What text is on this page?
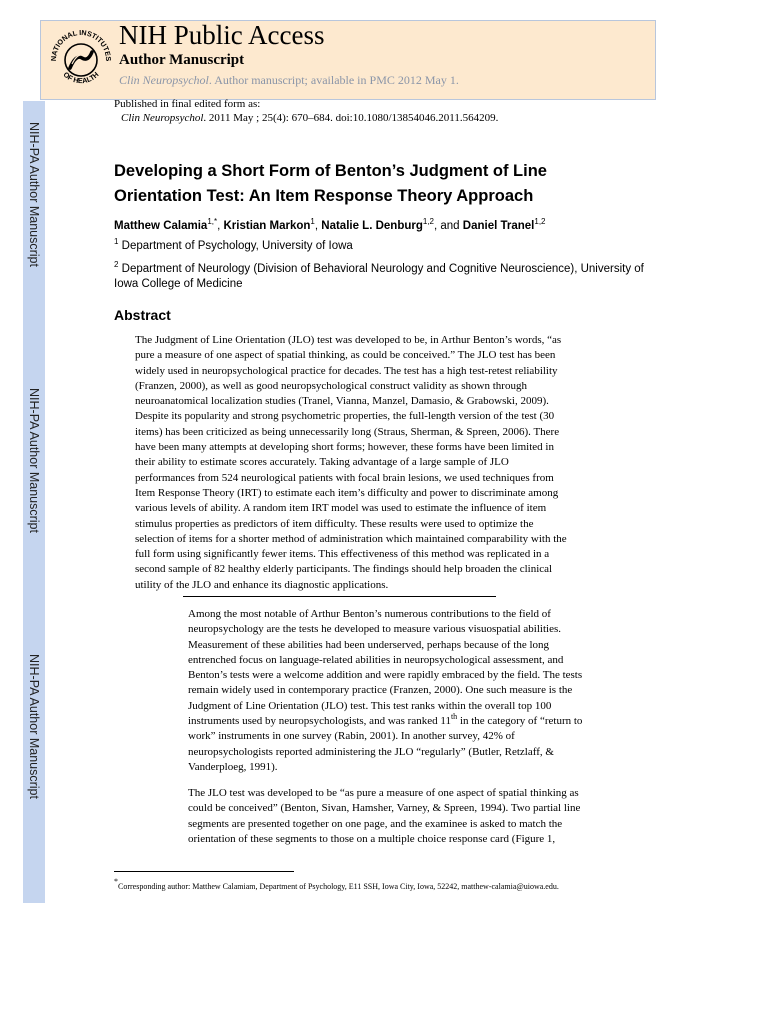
NATIONAL INSTITUTES
OF HEALTH
NIH Public Access
Author Manuscript
Clin Neuropsychol. Author manuscript; available in PMC 2012 May 1.
NIH-PA Author Manuscript
NIH-PA Author Manuscript
NIH-PA Author Manuscript
Published in final edited form as:
Clin Neuropsychol. 2011 May ; 25(4): 670–684. doi:10.1080/13854046.2011.564209.
Developing a Short Form of Benton’s Judgment of Line Orientation Test: An Item Response Theory Approach
Matthew Calamia$^{1,*}$, Kristian Markon$^1$, Natalie L. Denburg$^{1,2}$, and Daniel Tranel$^{1,2}$
$^1$ Department of Psychology, University of Iowa
$^2$ Department of Neurology (Division of Behavioral Neurology and Cognitive Neuroscience), University of Iowa College of Medicine
Abstract
The Judgment of Line Orientation (JLO) test was developed to be, in Arthur Benton’s words, “as
pure a measure of one aspect of spatial thinking, as could be conceived.” The JLO test has been
widely used in neuropsychological practice for decades. The test has a high test-retest reliability
(Franzen, 2000), as well as good neuropsychological construct validity as shown through
neuroanatomical localization studies (Tranel, Vianna, Manzel, Damasio, & Grabowski, 2009).
Despite its popularity and strong psychometric properties, the full-length version of the test (30
items) has been criticized as being unnecessarily long (Straus, Sherman, & Spreen, 2006). There
have been many attempts at developing short forms; however, these forms have been limited in
their ability to estimate scores accurately. Taking advantage of a large sample of JLO
performances from 524 neurological patients with focal brain lesions, we used techniques from
Item Response Theory (IRT) to estimate each item’s difficulty and power to discriminate among
various levels of ability. A random item IRT model was used to estimate the influence of item
stimulus properties as predictors of item difficulty. These results were used to optimize the
selection of items for a shorter method of administration which maintained comparability with the
full form using significantly fewer items. This effectiveness of this method was replicated in a
second sample of 82 healthy elderly participants. The findings should help broaden the clinical
utility of the JLO and enhance its diagnostic applications.
Among the most notable of Arthur Benton’s numerous contributions to the field of
neuropsychology are the tests he developed to measure various visuospatial abilities.
Measurement of these abilities had been underserved, perhaps because of the long
entrenched focus on language-related abilities in neuropsychological assessment, and
Benton’s tests were a welcome addition and were rapidly embraced by the field. The tests
remain widely used in contemporary practice (Franzen, 2000). One such measure is the
Judgment of Line Orientation (JLO) test. This test ranks within the overall top 100
instruments used by neuropsychologists, and was ranked 11th in the category of “return to
work” instruments in one survey (Rabin, 2001). In another survey, 42% of
neuropsychologists reported administering the JLO “regularly” (Butler, Retzlaff, &
Vanderploeg, 1991).
The JLO test was developed to be “as pure a measure of one aspect of spatial thinking as
could be conceived” (Benton, Sivan, Hamsher, Varney, & Spreen, 1994). Two partial line
segments are presented together on one page, and the examinee is asked to match the
orientation of these segments to those on a multiple choice response card (Figure 1,
*Corresponding author: Matthew Calamiam, Department of Psychology, E11 SSH, Iowa City, Iowa, 52242, matthew-calamia@uiowa.edu.
